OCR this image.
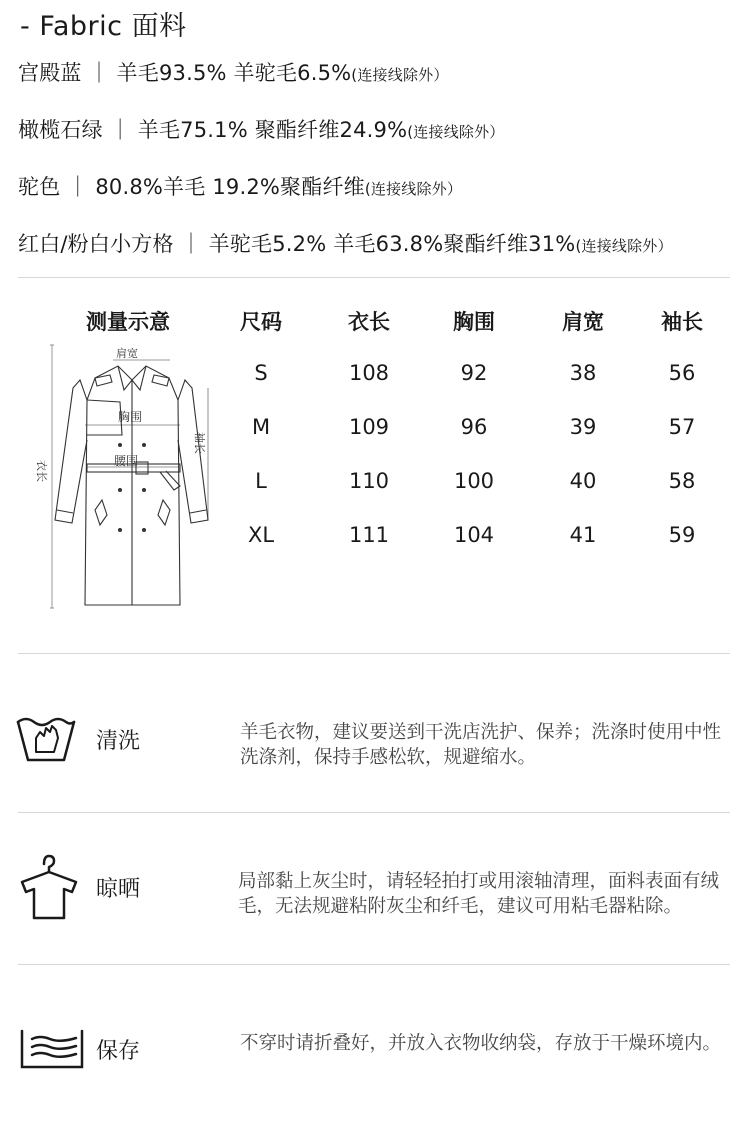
- Fabric 面料
宫殿蓝 ｜ 羊毛93.5% 羊驼毛6.5%(连接线除外）
橄榄石绿 ｜ 羊毛75.1% 聚酯纤维24.9%(连接线除外）
驼色 ｜ 80.8%羊毛 19.2%聚酯纤维(连接线除外）
红白/粉白小方格 ｜ 羊驼毛5.2% 羊毛63.8%聚酯纤维31%(连接线除外）
测量示意	尺码	衣长	胸围	肩宽	袖长
S	108	92	38	56
M	109	96	39	57
L	110	100	40	58
XL	111	104	41	59
肩宽
胸围
腰围
袖长
衣长
清洗	羊毛衣物，建议要送到干洗店洗护、保养；洗涤时使用中性洗涤剂，保持手感松软，规避缩水。
晾晒	局部黏上灰尘时，请轻轻拍打或用滚轴清理，面料表面有绒毛，无法规避粘附灰尘和纤毛，建议可用粘毛器粘除。
保存	不穿时请折叠好，并放入衣物收纳袋，存放于干燥环境内。
